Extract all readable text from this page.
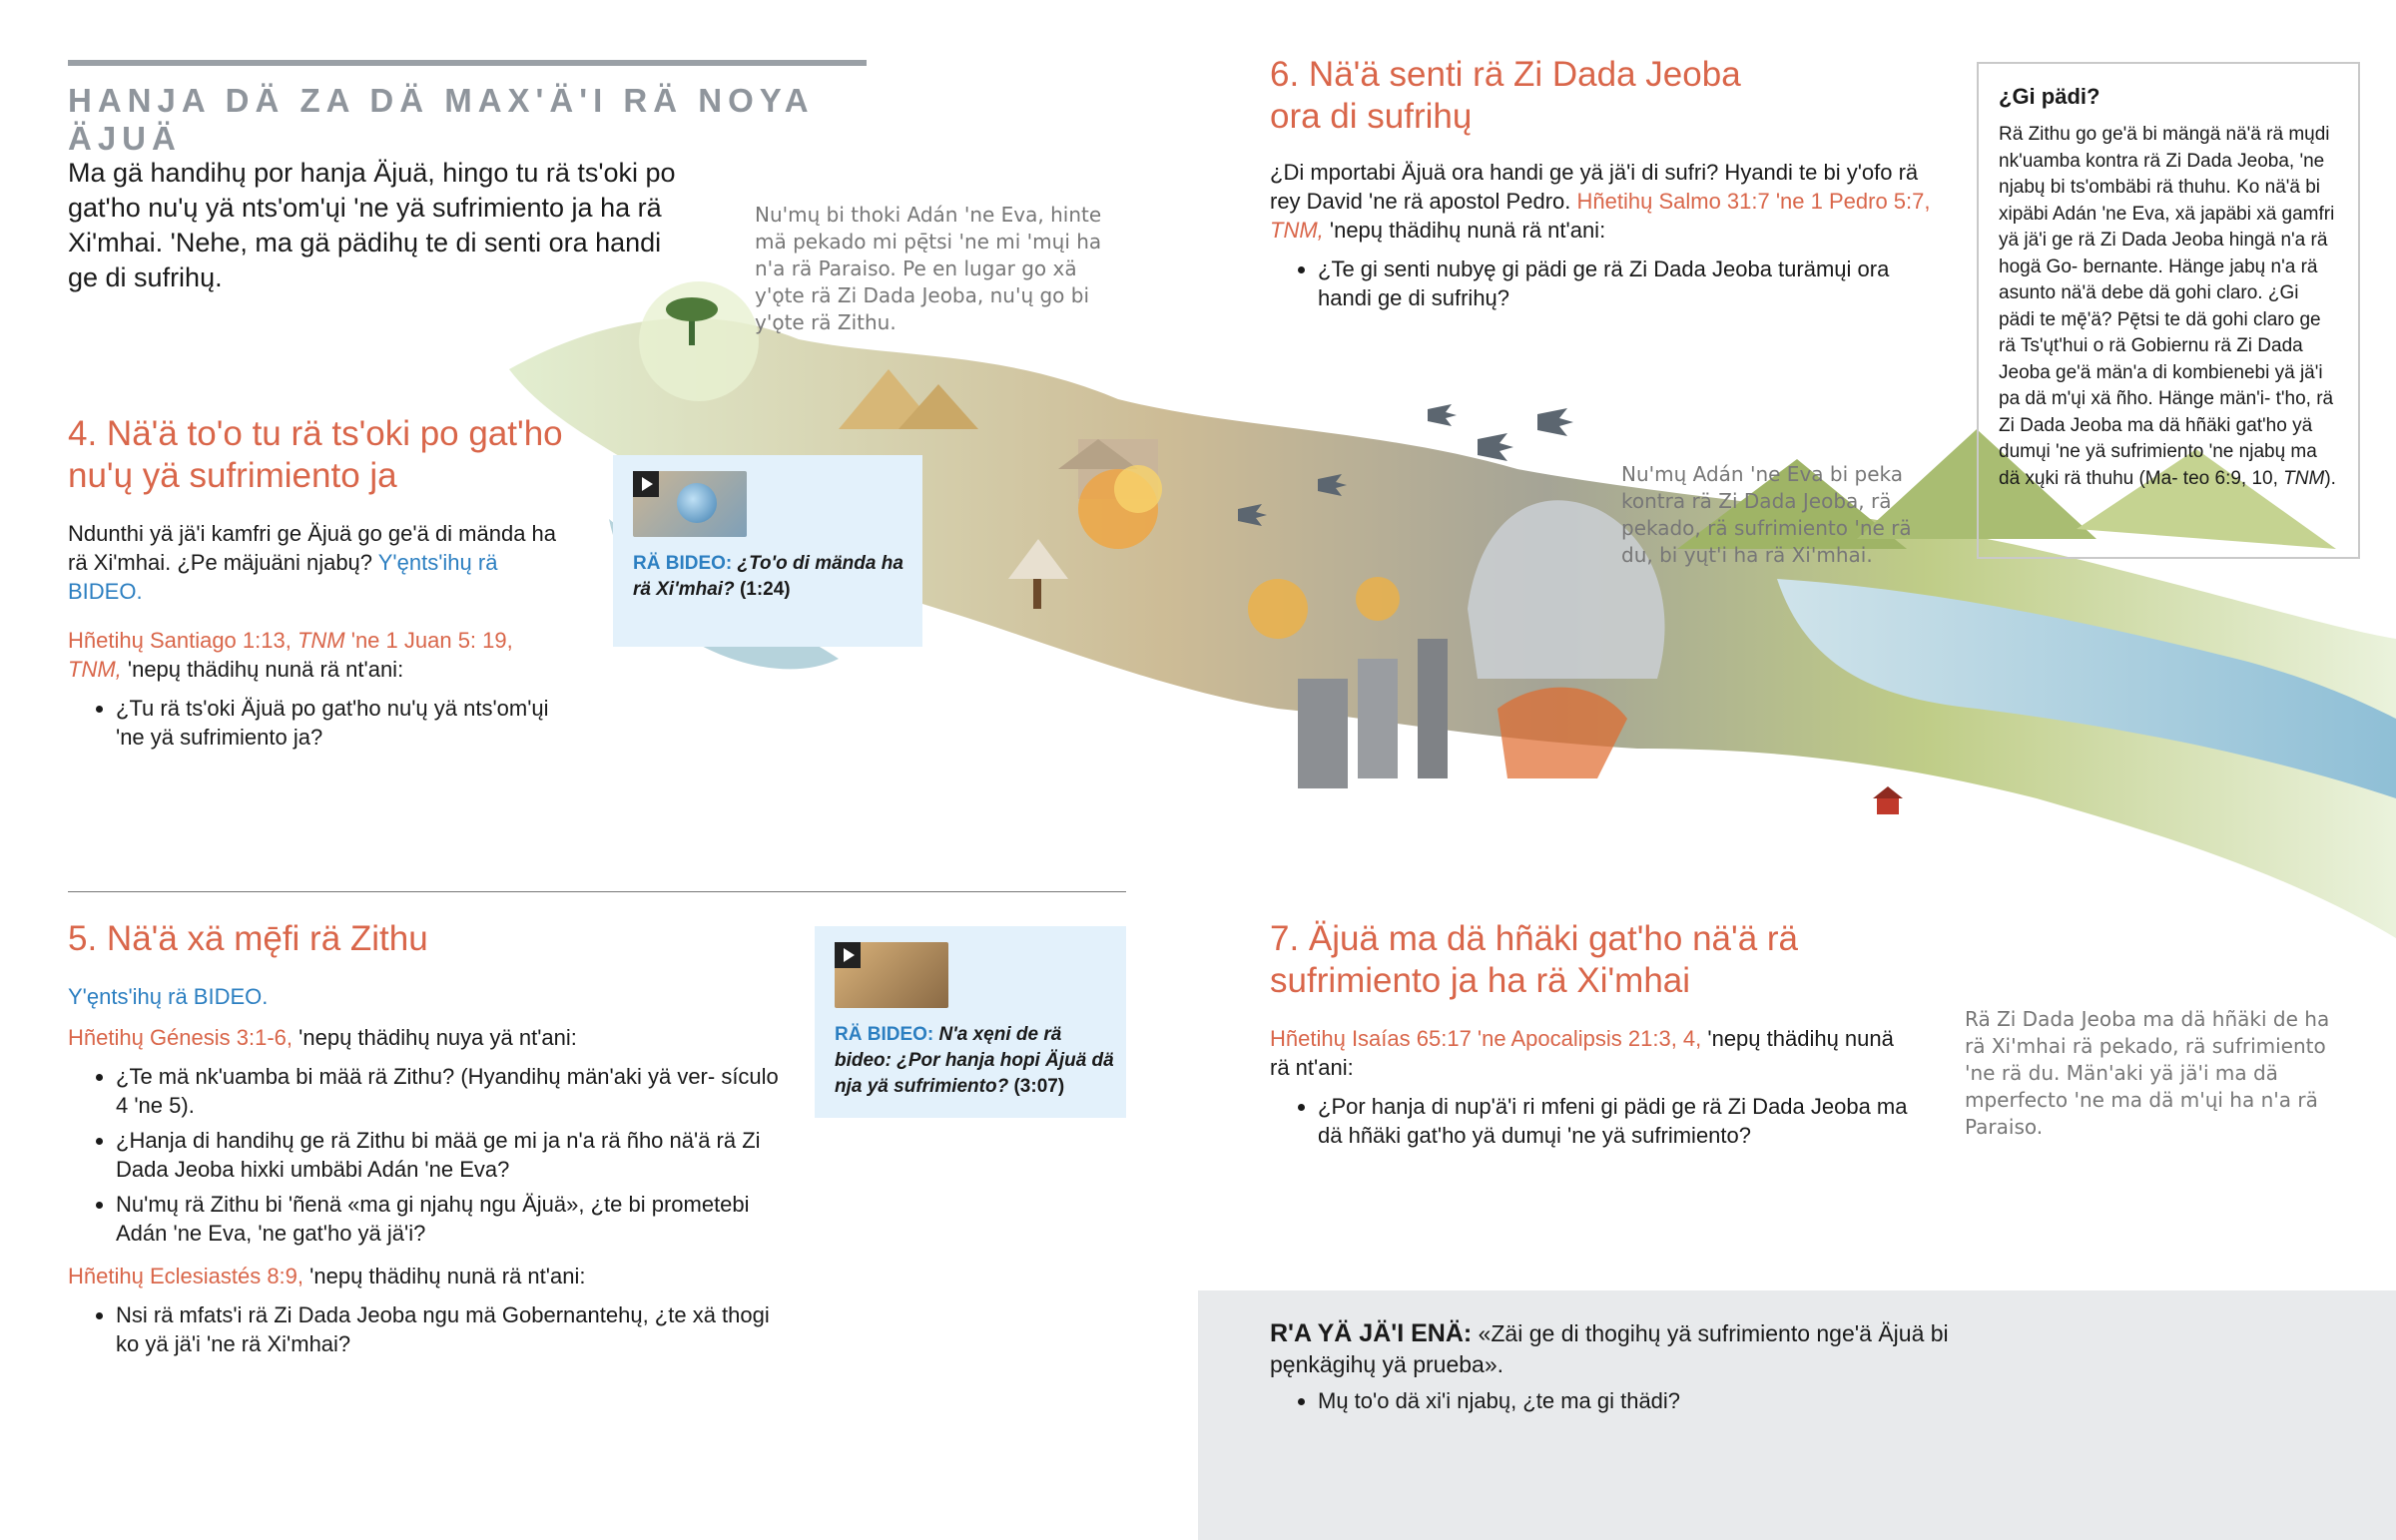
HANJA DÄ ZA DÄ MAX'Ä'I RÄ NOYA ÄJUÄ
Ma gä handihų por hanja Äjuä, hingo tu rä ts'oki po gat'ho nu'ų yä nts'om'ųi 'ne yä sufrimiento ja ha rä Xi'mhai. 'Nehe, ma gä pädihų te di senti ora handi ge di sufrihų.
Nu'mų bi thoki Adán 'ne Eva, hinte mä pekado mi pę̄tsi 'ne mi 'mųi ha n'a rä Paraiso. Pe en lugar go xä y'ǫte rä Zi Dada Jeoba, nu'ų go bi y'ǫte rä Zithu.
Nu'mų Adán 'ne Eva bi peka kontra rä Zi Dada Jeoba, rä pekado, rä sufrimiento 'ne rä du, bi yųt'i ha rä Xi'mhai.
Rä Zi Dada Jeoba ma dä hñäki de ha rä Xi'mhai rä pekado, rä sufrimiento 'ne rä du. Män'aki yä jä'i ma dä mperfecto 'ne ma dä m'ųi ha n'a rä Paraiso.
4. Nä'ä to'o tu rä ts'oki po gat'ho nu'ų yä sufrimiento ja
Ndunthi yä jä'i kamfri ge Äjuä go ge'ä di mända ha rä Xi'mhai. ¿Pe mäjuäni njabų? Y'ęnts'ihų rä BIDEO.
Hñetihų Santiago 1:13, TNM 'ne 1 Juan 5: 19, TNM, 'nepų thädihų nunä rä nt'ani:
• ¿Tu rä ts'oki Äjuä po gat'ho nu'ų yä nts'om'ųi 'ne yä sufrimiento ja?
RÄ BIDEO: ¿To'o di mända ha rä Xi'mhai? (1:24)
5. Nä'ä xä mę̄fi rä Zithu
Y'ęnts'ihų rä BIDEO.
Hñetihų Génesis 3:1-6, 'nepų thädihų nuya yä nt'ani:
• ¿Te mä nk'uamba bi mää rä Zithu? (Hyandihų män'aki yä ver- sículo 4 'ne 5).
• ¿Hanja di handihų ge rä Zithu bi mää ge mi ja n'a rä ñho nä'ä rä Zi Dada Jeoba hixki umbäbi Adán 'ne Eva?
• Nu'mų rä Zithu bi 'ñenä «ma gi njahų ngu Äjuä», ¿te bi prometebi Adán 'ne Eva, 'ne gat'ho yä jä'i?
Hñetihų Eclesiastés 8:9, 'nepų thädihų nunä rä nt'ani:
• Nsi rä mfats'i rä Zi Dada Jeoba ngu mä Gobernantehų, ¿te xä thogi ko yä jä'i 'ne rä Xi'mhai?
RÄ BIDEO: N'a xęni de rä bideo: ¿Por hanja hopi Äjuä dä nja yä sufrimiento? (3:07)
6. Nä'ä senti rä Zi Dada Jeoba ora di sufrihų
¿Di mportabi Äjuä ora handi ge yä jä'i di sufri? Hyandi te bi y'ofo rä rey David 'ne rä apostol Pedro. Hñetihų Salmo 31:7 'ne 1 Pedro 5:7, TNM, 'nepų thädihų nunä rä nt'ani:
• ¿Te gi senti nubyę gi pädi ge rä Zi Dada Jeoba turämųi ora handi ge di sufrihų?
¿Gi pädi?
Rä Zithu go ge'ä bi mängä nä'ä rä mųdi nk'uamba kontra rä Zi Dada Jeoba, 'ne njabų bi ts'ombäbi rä thuhu. Ko nä'ä bi xipäbi Adán 'ne Eva, xä japäbi xä gamfri yä jä'i ge rä Zi Dada Jeoba hingä n'a rä hogä Go- bernante. Hänge jabų n'a rä asunto nä'ä debe dä gohi claro. ¿Gi pädi te mę̄'ä? Pę̄tsi te dä gohi claro ge rä Ts'ųt'hui o rä Gobiernu rä Zi Dada Jeoba ge'ä män'a di kombienebi yä jä'i pa dä m'ųi xä ñho. Hänge män'i- t'ho, rä Zi Dada Jeoba ma dä hñäki gat'ho yä dumųi 'ne yä sufrimiento 'ne njabų ma dä xųki rä thuhu (Ma- teo 6:9, 10, TNM).
7. Äjuä ma dä hñäki gat'ho nä'ä rä sufrimiento ja ha rä Xi'mhai
Hñetihų Isaías 65:17 'ne Apocalipsis 21:3, 4, 'nepų thädihų nunä rä nt'ani:
• ¿Por hanja di nup'ä'i ri mfeni gi pädi ge rä Zi Dada Jeoba ma dä hñäki gat'ho yä dumųi 'ne yä sufrimiento?
R'A YÄ JÄ'I ENÄ: «Zäi ge di thogihų yä sufrimiento nge'ä Äjuä bi pęnkägihų yä prueba».
• Mų to'o dä xi'i njabų, ¿te ma gi thädi?
